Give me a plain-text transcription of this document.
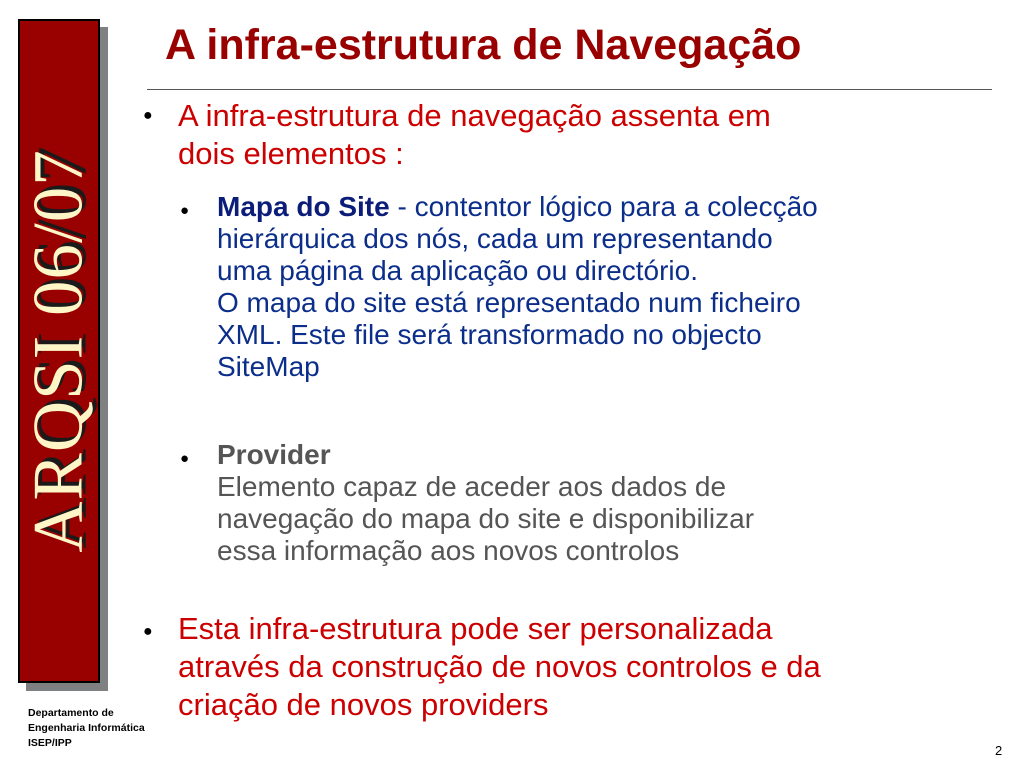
ARQSI 06/07
Departamento de
Engenharia Informática
ISEP/IPP
A infra-estrutura de Navegação
● A infra-estrutura de navegação assenta em
dois elementos :
● Mapa do Site - contentor lógico para a colecção
hierárquica dos nós, cada um representando
uma página da aplicação ou directório.
O mapa do site está representado num ficheiro
XML. Este file será transformado no objecto
SiteMap
● Provider
Elemento capaz de aceder aos dados de
navegação do mapa do site e disponibilizar
essa informação aos novos controlos
● Esta infra-estrutura pode ser personalizada
através da construção de novos controlos e da
criação de novos providers
2
